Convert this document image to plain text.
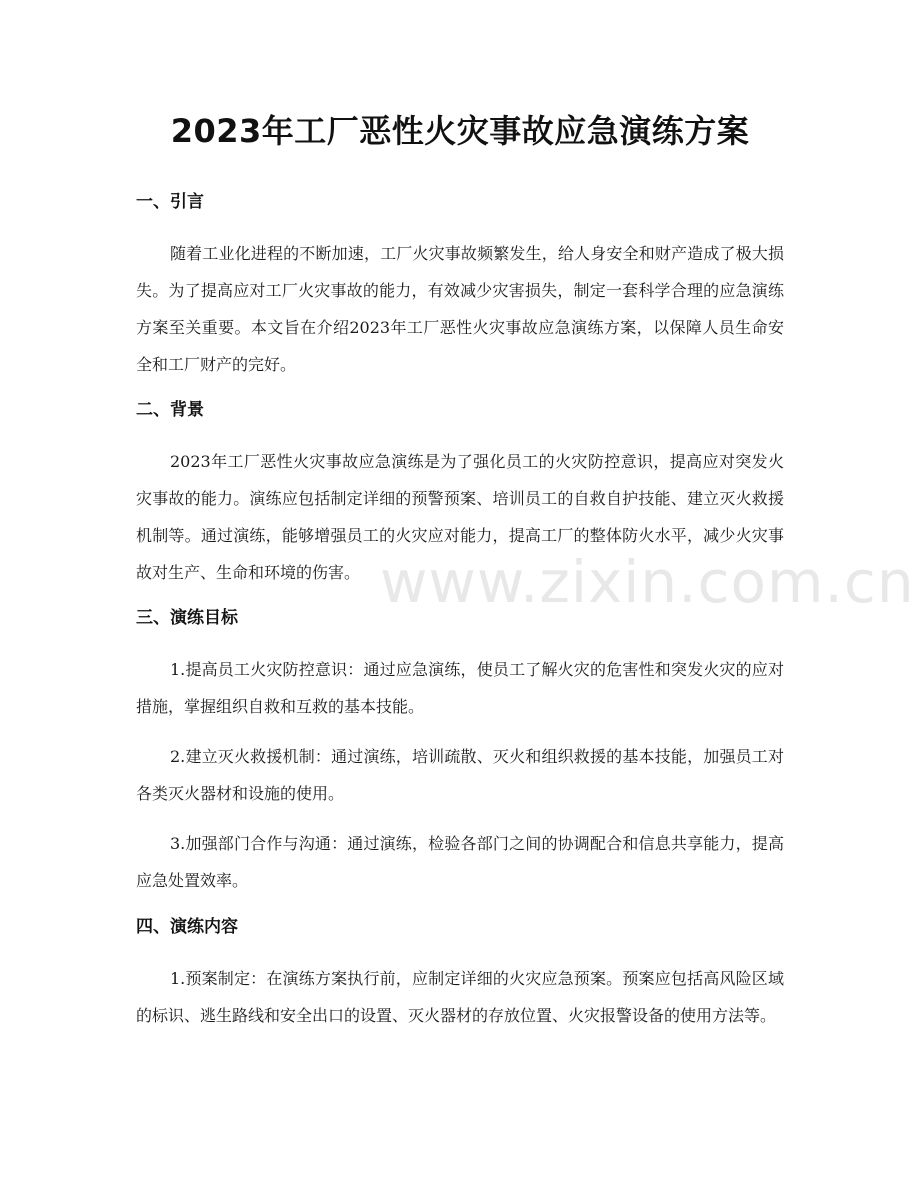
2023年工厂恶性火灾事故应急演练方案
一、引言
随着工业化进程的不断加速，工厂火灾事故频繁发生，给人身安全和财产造成了极大损失。为了提高应对工厂火灾事故的能力，有效减少灾害损失，制定一套科学合理的应急演练方案至关重要。本文旨在介绍2023年工厂恶性火灾事故应急演练方案，以保障人员生命安全和工厂财产的完好。
二、背景
2023年工厂恶性火灾事故应急演练是为了强化员工的火灾防控意识，提高应对突发火灾事故的能力。演练应包括制定详细的预警预案、培训员工的自救自护技能、建立灭火救援机制等。通过演练，能够增强员工的火灾应对能力，提高工厂的整体防火水平，减少火灾事故对生产、生命和环境的伤害。
三、演练目标
1.提高员工火灾防控意识：通过应急演练，使员工了解火灾的危害性和突发火灾的应对措施，掌握组织自救和互救的基本技能。
2.建立灭火救援机制：通过演练，培训疏散、灭火和组织救援的基本技能，加强员工对各类灭火器材和设施的使用。
3.加强部门合作与沟通：通过演练，检验各部门之间的协调配合和信息共享能力，提高应急处置效率。
四、演练内容
1.预案制定：在演练方案执行前，应制定详细的火灾应急预案。预案应包括高风险区域的标识、逃生路线和安全出口的设置、灭火器材的存放位置、火灾报警设备的使用方法等。
www.zixin.com.cn
